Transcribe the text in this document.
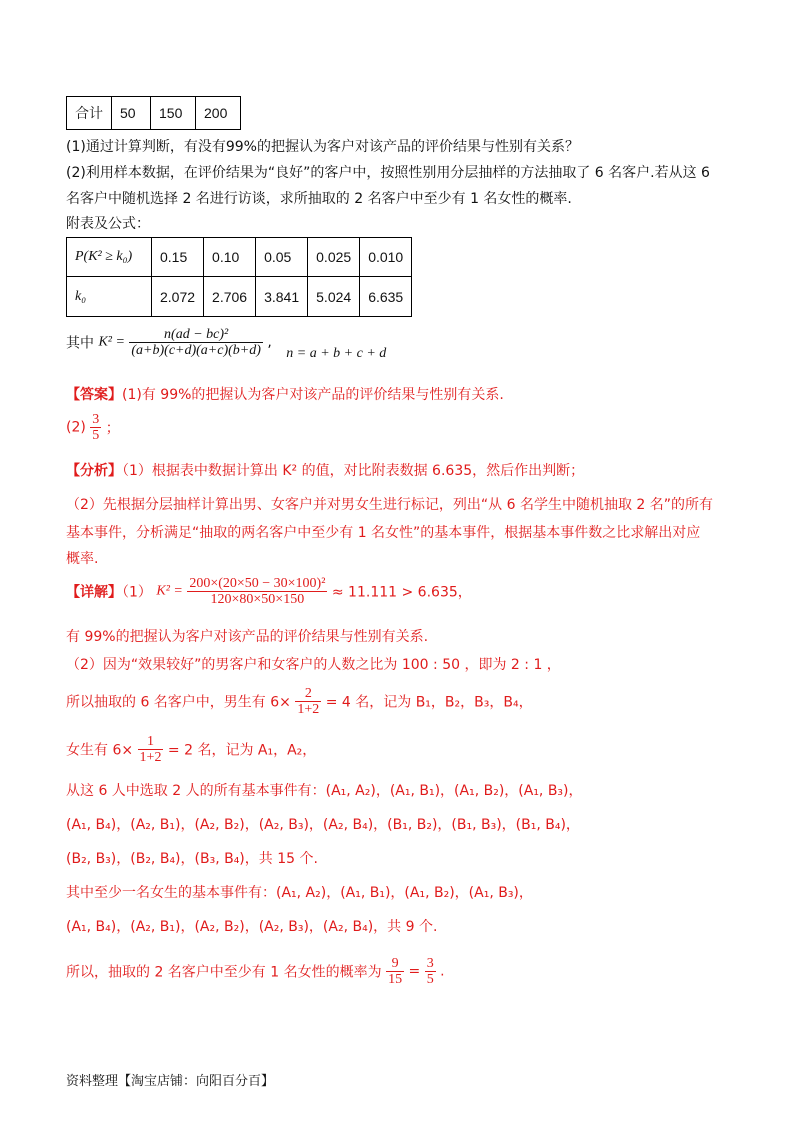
合计	50	150	200
(1)通过计算判断，有没有99%的把握认为客户对该产品的评价结果与性别有关系？
(2)利用样本数据，在评价结果为“良好”的客户中，按照性别用分层抽样的方法抽取了 6 名客户.若从这 6
名客户中随机选择 2 名进行访谈，求所抽取的 2 名客户中至少有 1 名女性的概率.
附表及公式：
P(K² ≥ k₀)	0.15	0.10	0.05	0.025	0.010
k₀	2.072	2.706	3.841	5.024	6.635
其中 $K^2 = \frac{\text{n(ad − bc)²}}{(a+b)(c+d)(a+c)(b+d)}$ , n = a + b + c + d
【答案】(1)有 99%的把握认为客户对该产品的评价结果与性别有关系.
$(2) \frac{3}{5}$ ；
【分析】（1）根据表中数据计算出 K² 的值，对比附表数据 6.635，然后作出判断；
（2）先根据分层抽样计算出男、女客户并对男女生进行标记，列出“从 6 名学生中随机抽取 2 名”的所有
基本事件，分析满足“抽取的两名客户中至少有 1 名女性”的基本事件，根据基本事件数之比求解出对应
概率.
【详解】（1） $K^2 = \frac{\text{200×(20×50 − 30×100)²}}{120\times 80\times 50\times 150} \approx 11.111 > 6.635$，
有 99%的把握认为客户对该产品的评价结果与性别有关系.
（2）因为“效果较好”的男客户和女客户的人数之比为 100 : 50 ，即为 2 : 1 ，
所以抽取的 6 名客户中，男生有 $6\times \frac{2}{1+2} = 4$ 名，记为 B₁，B₂，B₃，B₄，
女生有 $6\times \frac{1}{1+2} = 2$ 名，记为 A₁，A₂，
从这 6 人中选取 2 人的所有基本事件有：(A₁, A₂)，(A₁, B₁)，(A₁, B₂)，(A₁, B₃)，
(A₁, B₄)，(A₂, B₁)，(A₂, B₂)，(A₂, B₃)，(A₂, B₄)，(B₁, B₂)，(B₁, B₃)，(B₁, B₄)，
(B₂, B₃)，(B₂, B₄)，(B₃, B₄)，共 15 个.
其中至少一名女生的基本事件有：(A₁, A₂)，(A₁, B₁)，(A₁, B₂)，(A₁, B₃)，
(A₁, B₄)，(A₂, B₁)，(A₂, B₂)，(A₂, B₃)，(A₂, B₄)，共 9 个.
所以，抽取的 2 名客户中至少有 1 名女性的概率为 $\frac{9}{15} = \frac{3}{5}$ .
资料整理【淘宝店铺：向阳百分百】
